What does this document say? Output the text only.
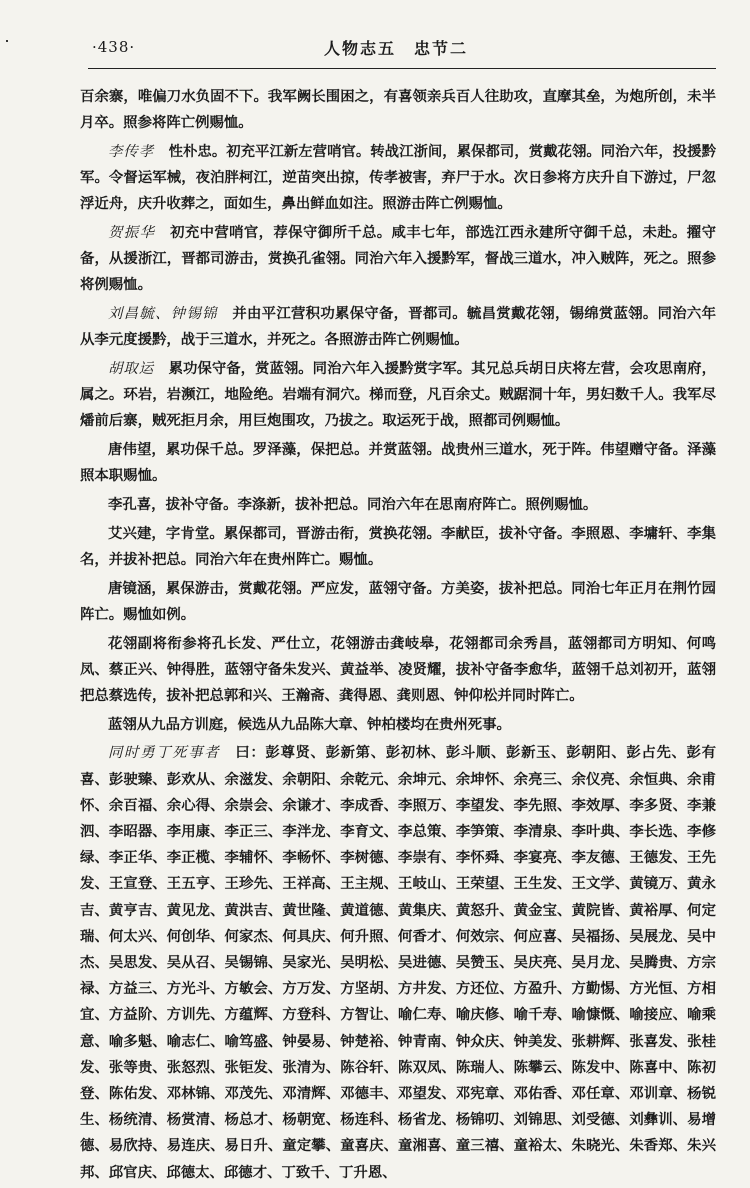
·438·	人物志五　忠节二

百余寨，唯偏刀水负固不下。我军阙长围困之，有喜领亲兵百人往助攻，直摩其垒，为炮所创，未半月卒。照参将阵亡例赐恤。

李传孝　 性朴忠。初充平江新左营哨官。转战江浙间，累保都司，赏戴花翎。同治六年，投援黔军。令督运军械，夜泊胖柯江，逆苗突出掠，传孝被害，弃尸于水。次日参将方庆升自下游过，尸忽浮近舟，庆升收葬之，面如生，鼻出鲜血如注。照游击阵亡例赐恤。

贺振华　 初充中营哨官，荐保守御所千总。咸丰七年，部选江西永建所守御千总，未赴。擢守备，从援浙江，晋都司游击，赏换孔雀翎。同治六年入援黔军，督战三道水，冲入贼阵，死之。照参将例赐恤。

刘昌毓、钟锡锦　 并由平江营积功累保守备，晋都司。毓昌赏戴花翎，锡绵赏蓝翎。同治六年从李元度援黔，战于三道水，并死之。各照游击阵亡例赐恤。

胡取运　 累功保守备，赏蓝翎。同治六年入援黔赏字军。其兄总兵胡日庆将左营，会攻思南府，属之。环岩，岩濒江，地险绝。岩端有洞穴。梯而登，凡百余丈。贼踞洞十年，男妇数千人。我军尽燔前后寨，贼死拒月余，用巨炮围攻，乃拔之。取运死于战，照都司例赐恤。

唐伟望，累功保千总。罗泽藻，保把总。并赏蓝翎。战贵州三道水，死于阵。伟望赠守备。泽藻照本职赐恤。

李孔喜，拔补守备。李涤新，拔补把总。同治六年在思南府阵亡。照例赐恤。

艾兴建，字肯堂。累保都司，晋游击衔，赏换花翎。李献臣，拔补守备。李照恩、李墉轩、李集名，并拔补把总。同治六年在贵州阵亡。赐恤。

唐镜涵，累保游击，赏戴花翎。严应发，蓝翎守备。方美姿，拔补把总。同治七年正月在荆竹园阵亡。赐恤如例。

花翎副将衔参将孔长发、严仕立，花翎游击龚岐皋，花翎都司余秀昌，蓝翎都司方明知、何鸣凤、蔡正兴、钟得胜，蓝翎守备朱发兴、黄益举、凌贤耀，拔补守备李愈华，蓝翎千总刘初开，蓝翎把总蔡选传，拔补把总郭和兴、王瀚斋、龚得恩、龚则恩、钟仰松并同时阵亡。

蓝翎从九品方训庭，候选从九品陈大章、钟柏楼均在贵州死事。

同时勇丁死事者　 曰：彭尊贤、彭新第、彭初林、彭斗顺、彭新玉、彭朝阳、彭占先、彭有喜、彭驶臻、彭欢从、余滋发、余朝阳、余乾元、余坤元、余坤怀、余亮三、余仪亮、余恒典、余甫怀、余百福、余心得、余崇会、余谦才、李成香、李照万、李望发、李先照、李效厚、李多贤、李兼泗、李昭器、李用康、李正三、李泮龙、李育文、李总策、李笋策、李清泉、李叶典、李长选、李修绿、李正华、李正榄、李辅怀、李畅怀、李树德、李崇有、李怀舜、李宴亮、李友德、王德发、王先发、王宣登、王五亨、王珍先、王祥高、王主规、王岐山、王荣望、王生发、王文学、黄镜万、黄永吉、黄亨吉、黄见龙、黄洪吉、黄世隆、黄道德、黄集庆、黄怒升、黄金宝、黄院皆、黄裕厚、何定瑞、何太兴、何创华、何家杰、何具庆、何升照、何香才、何效宗、何应喜、吴福扬、吴展龙、吴中杰、吴思发、吴从召、吴锡锦、吴家光、吴明松、吴进德、吴赞玉、吴庆亮、吴月龙、吴腾贵、方宗禄、方益三、方光斗、方敏会、方万发、方坚胡、方井发、方还位、方盈升、方勤惕、方光恒、方相宜、方益阶、方训先、方蕴辉、方登科、方智让、喻仁寿、喻庆修、喻千寿、喻慷慨、喻接应、喻乘意、喻多魁、喻志仁、喻笃盛、钟晏易、钟楚裕、钟青南、钟众庆、钟美发、张耕辉、张喜发、张桂发、张等贵、张怒烈、张钜发、张清为、陈谷轩、陈双凤、陈瑞人、陈攀云、陈发中、陈喜中、陈初登、陈佑发、邓林锦、邓茂先、邓清辉、邓德丰、邓望发、邓宪章、邓佑香、邓任章、邓训章、杨锐生、杨统清、杨赏清、杨总才、杨朝宽、杨连科、杨省龙、杨锦叨、刘锦思、刘受德、刘彝训、易增德、易欣持、易连庆、易日升、童定攀、童喜庆、童湘喜、童三禧、童裕太、朱晓光、朱香郑、朱兴邦、邱官庆、邱德太、邱德才、丁致千、丁升恩、
